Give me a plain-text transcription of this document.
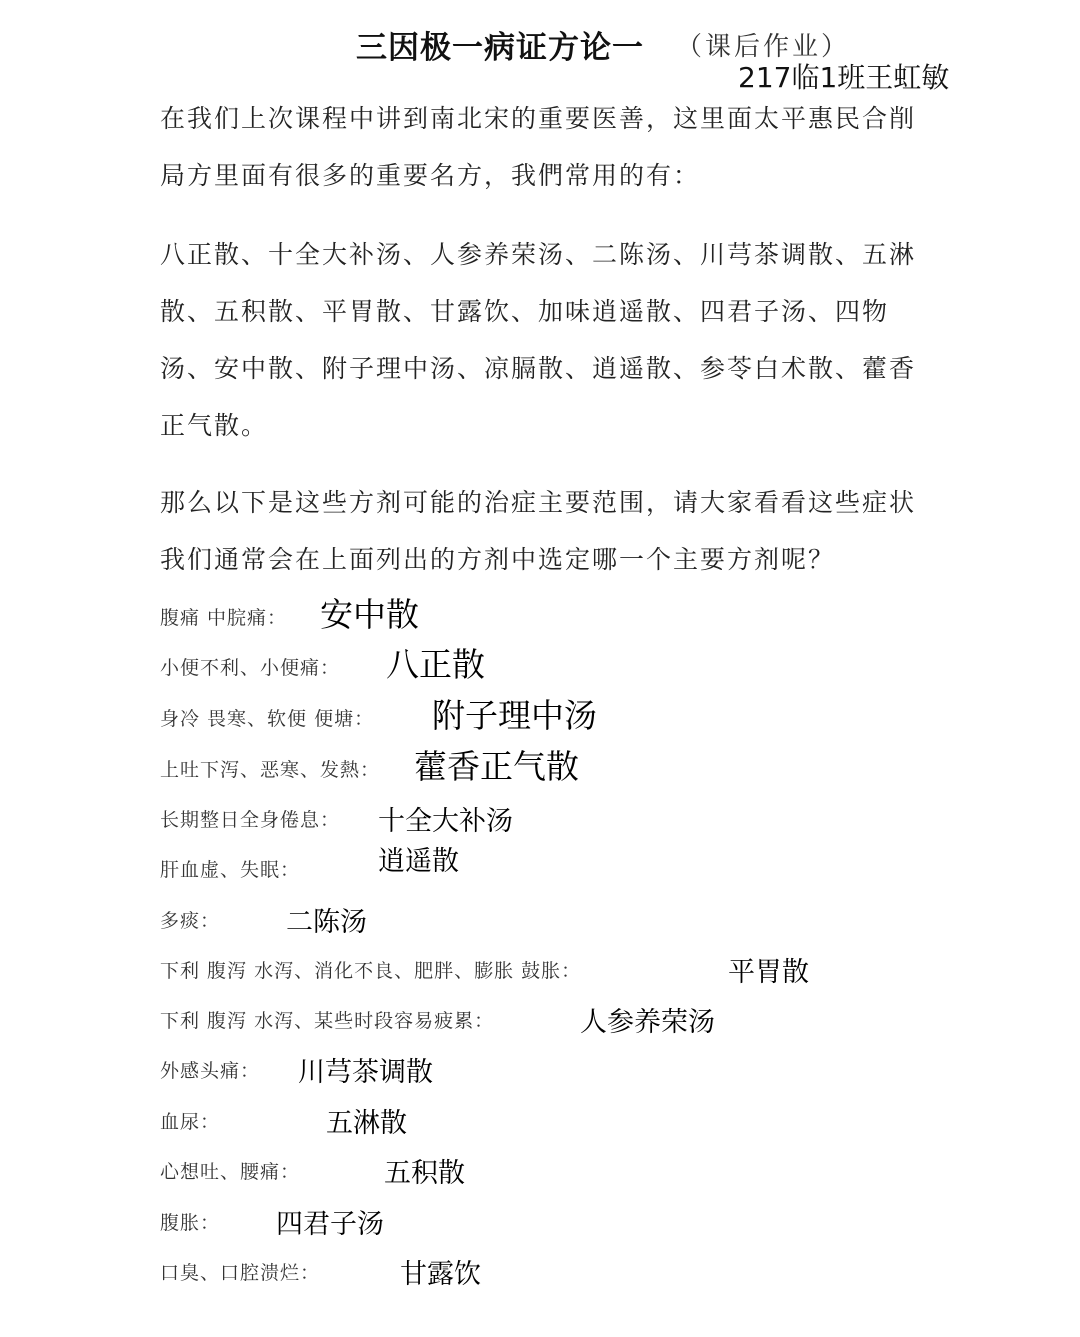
三因极一病证方论一 （课后作业）
217临1班王虹敏
在我们上次课程中讲到南北宋的重要医善，这里面太平惠民合削局方里面有很多的重要名方，我們常用的有：
八正散、十全大补汤、人参养荣汤、二陈汤、川芎茶调散、五淋散、五积散、平胃散、甘露饮、加味逍遥散、四君子汤、四物汤、安中散、附子理中汤、凉膈散、逍遥散、参苓白术散、藿香正气散。
那么以下是这些方剂可能的治症主要范围，请大家看看这些症状我们通常会在上面列出的方剂中选定哪一个主要方剂呢？
腹痛 中脘痛： 安中散
小便不利、小便痛： 八正散
身冷 畏寒、软便 便塘： 附子理中汤
上吐下泻、恶寒、发熱： 藿香正气散
长期整日全身倦息： 十全大补汤
肝血虚、失眠：	逍遥散
多痰： 二陈汤
下利 腹泻 水泻、消化不良、肥胖、膨胀 鼓胀：	平胃散
下利 腹泻 水泻、某些时段容易疲累：	人参养荣汤
外感头痛： 川芎茶调散
血尿：	五淋散
心想吐、腰痛：	五积散
腹胀： 四君子汤
口臭、口腔溃烂：	甘露饮
